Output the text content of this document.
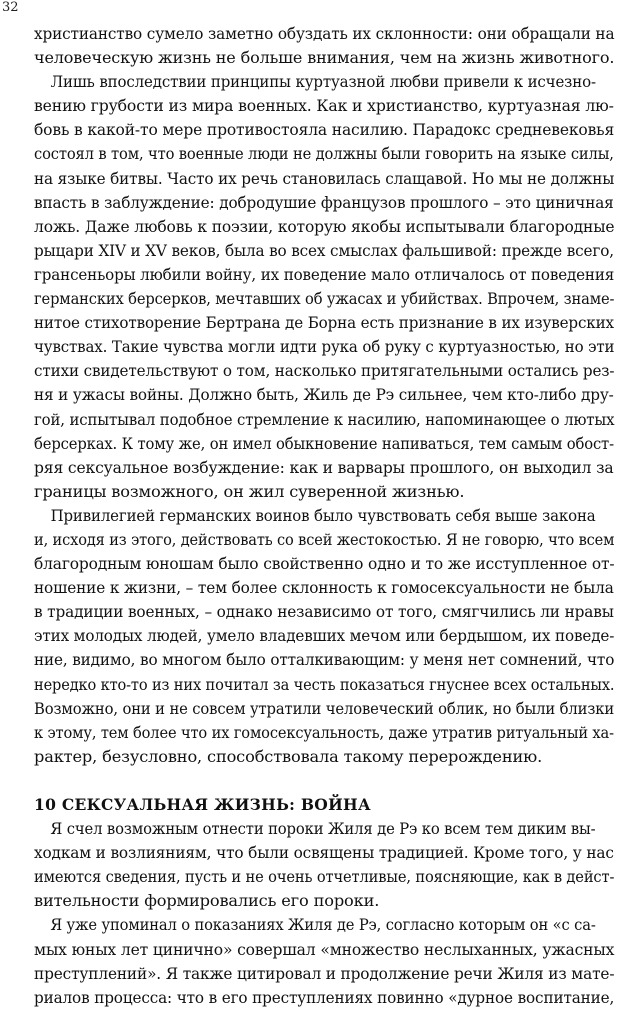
32
христианство сумело заметно обуздать их склонности: они обращали на
человеческую жизнь не больше внимания, чем на жизнь животного.
Лишь впоследствии принципы куртуазной любви привели к исчезно-
вению грубости из мира военных. Как и христианство, куртуазная лю-
бовь в какой-то мере противостояла насилию. Парадокс средневековья
состоял в том, что военные люди не должны были говорить на языке силы,
на языке битвы. Часто их речь становилась слащавой. Но мы не должны
впасть в заблуждение: добродушие французов прошлого – это циничная
ложь. Даже любовь к поэзии, которую якобы испытывали благородные
рыцари XIV и XV веков, была во всех смыслах фальшивой: прежде всего,
грансеньоры любили войну, их поведение мало отличалось от поведения
германских берсерков, мечтавших об ужасах и убийствах. Впрочем, знаме-
нитое стихотворение Бертрана де Борна есть признание в их изуверских
чувствах. Такие чувства могли идти рука об руку с куртуазностью, но эти
стихи свидетельствуют о том, насколько притягательными остались рез-
ня и ужасы войны. Должно быть, Жиль де Рэ сильнее, чем кто-либо дру-
гой, испытывал подобное стремление к насилию, напоминающее о лютых
берсерках. К тому же, он имел обыкновение напиваться, тем самым обост-
ряя сексуальное возбуждение: как и варвары прошлого, он выходил за
границы возможного, он жил суверенной жизнью.
Привилегией германских воинов было чувствовать себя выше закона
и, исходя из этого, действовать со всей жестокостью. Я не говорю, что всем
благородным юношам было свойственно одно и то же исступленное от-
ношение к жизни, – тем более склонность к гомосексуальности не была
в традиции военных, – однако независимо от того, смягчились ли нравы
этих молодых людей, умело владевших мечом или бердышом, их поведе-
ние, видимо, во многом было отталкивающим: у меня нет сомнений, что
нередко кто-то из них почитал за честь показаться гнуснее всех остальных.
Возможно, они и не совсем утратили человеческий облик, но были близки
к этому, тем более что их гомосексуальность, даже утратив ритуальный ха-
рактер, безусловно, способствовала такому перерождению.
10 СЕКСУАЛЬНАЯ ЖИЗНЬ: ВОЙНА
Я счел возможным отнести пороки Жиля де Рэ ко всем тем диким вы-
ходкам и возлияниям, что были освящены традицией. Кроме того, у нас
имеются сведения, пусть и не очень отчетливые, поясняющие, как в дейст-
вительности формировались его пороки.
Я уже упоминал о показаниях Жиля де Рэ, согласно которым он «с са-
мых юных лет цинично» совершал «множество неслыханных, ужасных
преступлений». Я также цитировал и продолжение речи Жиля из мате-
риалов процесса: что в его преступлениях повинно «дурное воспитание,
